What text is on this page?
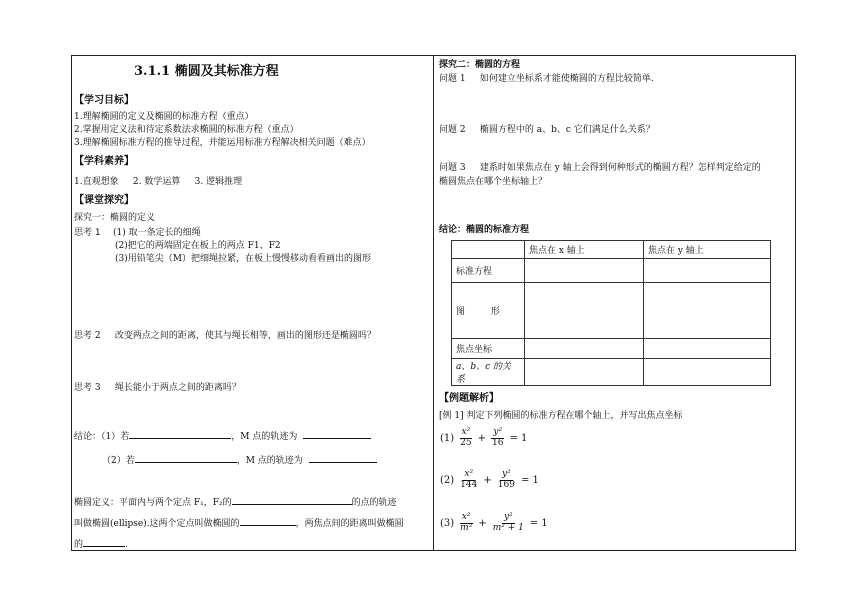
3.1.1 椭圆及其标准方程
【学习目标】
1.理解椭圆的定义及椭圆的标准方程（重点）
2.掌握用定义法和待定系数法求椭圆的标准方程（重点）
3.理解椭圆标准方程的推导过程，并能运用标准方程解决相关问题（难点）
【学科素养】
1.直观想象     2. 数学运算     3. 逻辑推理
【课堂探究】
探究一：椭圆的定义
思考 1 (1) 取一条定长的细绳
(2)把它的两端固定在板上的两点 F1、F2
(3)用铅笔尖（M）把细绳拉紧，在板上慢慢移动看看画出的图形
思考 2     改变两点之间的距离，使其与绳长相等，画出的图形还是椭圆吗？
思考 3     绳长能小于两点之间的距离吗？
结论：（1）若	，M 点的轨迹为
（2）若	，M 点的轨迹为
椭圆定义：平面内与两个定点 F₁，F₂的	的点的轨迹
叫做椭圆(ellipse).这两个定点叫做椭圆的	，两焦点间的距离叫做椭圆
的	.
探究二：椭圆的方程
问题 1     如何建立坐标系才能使椭圆的方程比较简单.
问题 2     椭圆方程中的 a、b、c 它们满足什么关系？
问题 3     建系时如果焦点在 y 轴上会得到何种形式的椭圆方程？怎样判定给定的
椭圆焦点在哪个坐标轴上？
结论：椭圆的标准方程
	焦点在 x 轴上	焦点在 y 轴上
标准方程		
图         形		
焦点坐标		
a、b、c 的关系		
【例题解析】
[例 1] 判定下列椭圆的标准方程在哪个轴上，并写出焦点坐标
$(1) \frac{\text{x²}}{25} + \frac{\text{y²}}{16} = 1$
$(2) \frac{\text{x²}}{144} + \frac{\text{y²}}{169} = 1$
$(3) \frac{\text{x²}}{\text{m²}} + \frac{\text{y²}}{\text{m² + 1}} = 1$
